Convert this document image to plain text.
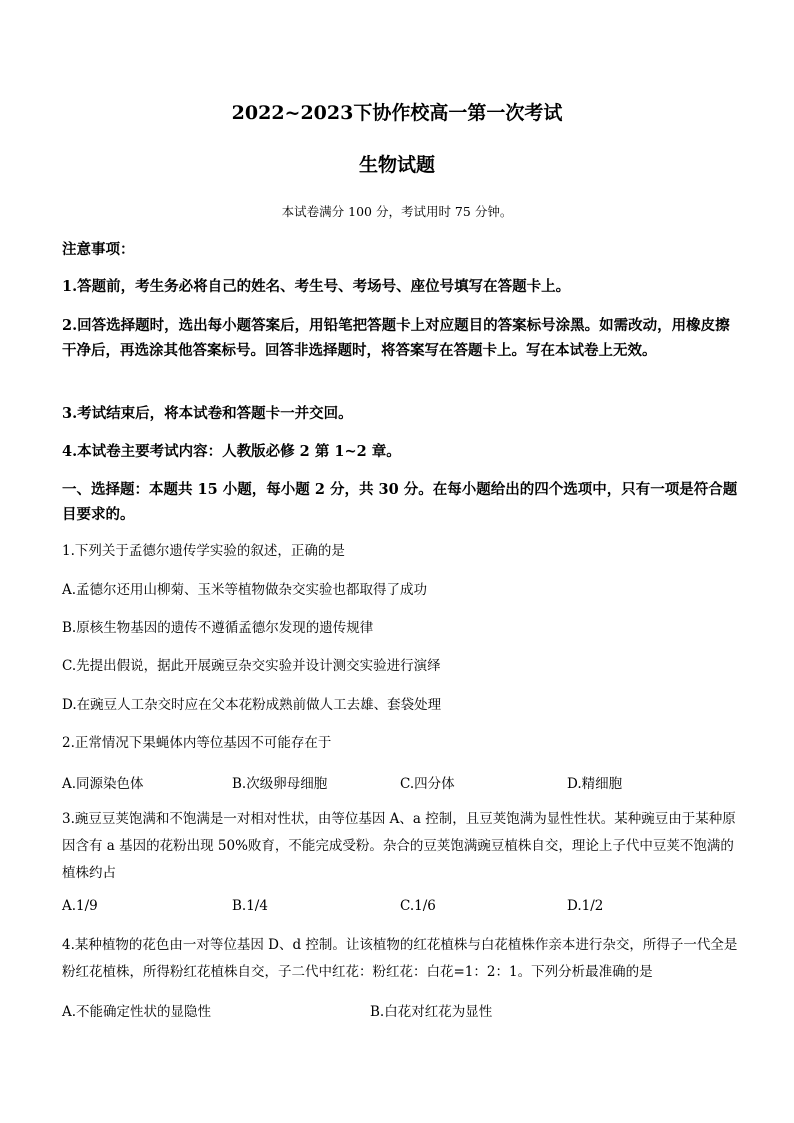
2022~2023下协作校高一第一次考试
生物试题
本试卷满分 100 分，考试用时 75 分钟。
注意事项：
1.答题前，考生务必将自己的姓名、考生号、考场号、座位号填写在答题卡上。
2.回答选择题时，选出每小题答案后，用铅笔把答题卡上对应题目的答案标号涂黑。如需改动，用橡皮擦干净后，再选涂其他答案标号。回答非选择题时，将答案写在答题卡上。写在本试卷上无效。
3.考试结束后，将本试卷和答题卡一并交回。
4.本试卷主要考试内容：人教版必修 2 第 1~2 章。
一、选择题：本题共 15 小题，每小题 2 分，共 30 分。在每小题给出的四个选项中，只有一项是符合题目要求的。
1.下列关于孟德尔遗传学实验的叙述，正确的是
A.孟德尔还用山柳菊、玉米等植物做杂交实验也都取得了成功
B.原核生物基因的遗传不遵循孟德尔发现的遗传规律
C.先提出假说，据此开展豌豆杂交实验并设计测交实验进行演绎
D.在豌豆人工杂交时应在父本花粉成熟前做人工去雄、套袋处理
2.正常情况下果蝇体内等位基因不可能存在于
A.同源染色体	B.次级卵母细胞	C.四分体	D.精细胞
3.豌豆豆荚饱满和不饱满是一对相对性状，由等位基因 A、a 控制，且豆荚饱满为显性性状。某种豌豆由于某种原因含有 a 基因的花粉出现 50%败育，不能完成受粉。杂合的豆荚饱满豌豆植株自交，理论上子代中豆荚不饱满的植株约占
A.1/9	B.1/4	C.1/6	D.1/2
4.某种植物的花色由一对等位基因 D、d 控制。让该植物的红花植株与白花植株作亲本进行杂交，所得子一代全是粉红花植株，所得粉红花植株自交，子二代中红花：粉红花：白花=1：2：1。下列分析最准确的是
A.不能确定性状的显隐性	B.白花对红花为显性
